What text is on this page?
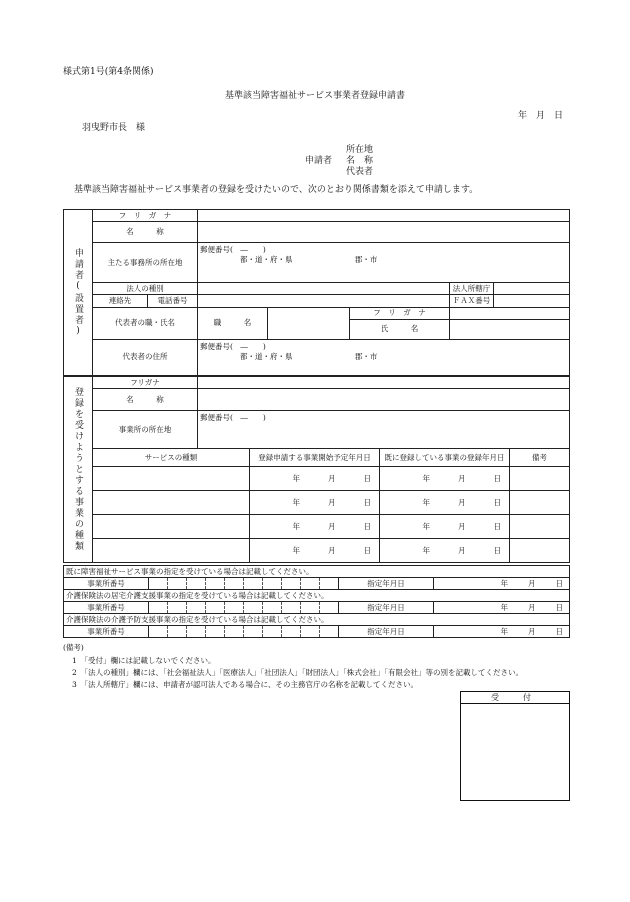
様式第1号(第4条関係)
基準該当障害福祉サービス事業者登録申請書
年　月　日
羽曳野市長　様
所在地
申請者 名　称
代表者
基準該当障害福祉サービス事業者の登録を受けたいので、次のとおり関係書類を添えて申請します。
申請者(設置者)	フ　リ　ガ　ナ						
	名　　　称						
	主たる事務所の所在地		郵便番号(　―　　)
都・道・府・県 郡・市				

	法人の種別					法人所轄庁	
	連絡先	電話番号				ＦＡＸ番号	
	代表者の職・氏名		職　　　名		フ　リ　ガ　ナ		
					氏　　　名		
	代表者の住所		郵便番号(　―　　)
都・道・府・県 郡・市				
登録を受けようとする事業の種類	フリガナ				
	名　　　称				
	事業所の所在地	郵便番号(　―　　)			

	サービスの種類		登録申請する事業開始予定年月日	既に登録している事業の登録年月日	備考
			年 月 日	年 月 日	
			年 月 日	年 月 日	
			年 月 日	年 月 日	
			年 月 日	年 月 日	
既に障害福祉サービス事業の指定を受けている場合は記載してください。			
事業所番号		指定年月日	年 月 日
介護保険法の居宅介護支援事業の指定を受けている場合は記載してください。			
事業所番号		指定年月日	年 月 日
介護保険法の介護予防支援事業の指定を受けている場合は記載してください。			
事業所番号		指定年月日	年 月 日
(備考)
1　「受付」欄には記載しないでください。
2　「法人の種別」欄には、「社会福祉法人」「医療法人」「社団法人」「財団法人」「株式会社」「有限会社」等の別を記載してください。
3　「法人所轄庁」欄には、申請者が認可法人である場合に、その主務官庁の名称を記載してください。
受　付
